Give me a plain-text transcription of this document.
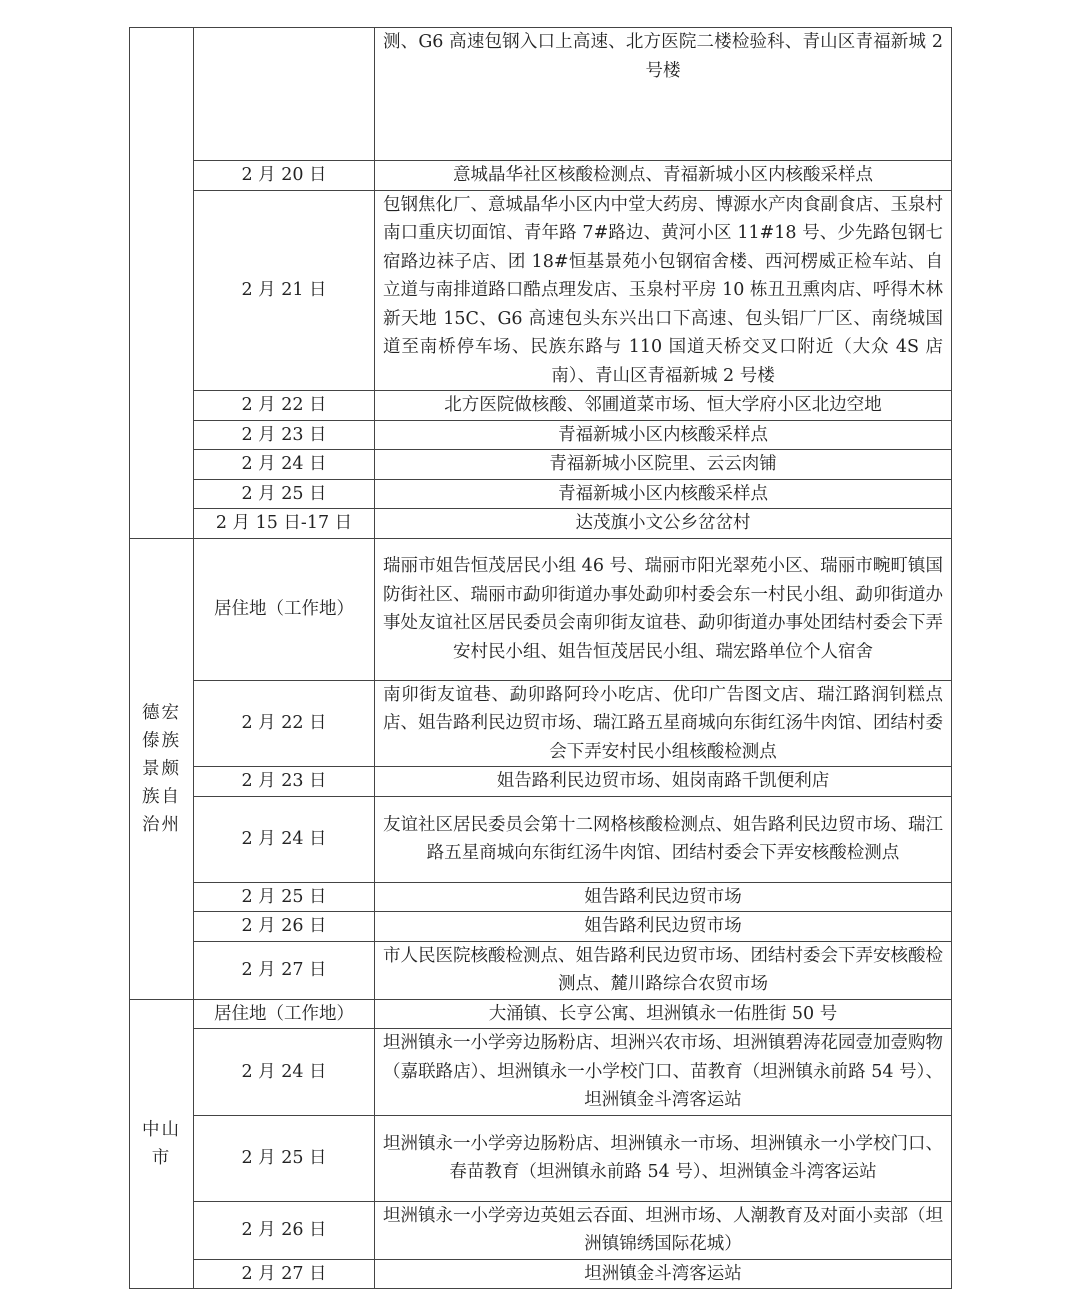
		测、G6 高速包钢入口上高速、北方医院二楼检验科、青山区青福新城 2 号楼
	2 月 20 日	意城晶华社区核酸检测点、青福新城小区内核酸采样点
	2 月 21 日	包钢焦化厂、意城晶华小区内中堂大药房、博源水产肉食副食店、玉泉村南口重庆切面馆、青年路 7#路边、黄河小区 11#18 号、少先路包钢七宿路边袜子店、团 18#恒基景苑小包钢宿舍楼、西河楞威正检车站、自立道与南排道路口酷点理发店、玉泉村平房 10 栋丑丑熏肉店、呼得木林新天地 15C、G6 高速包头东兴出口下高速、包头铝厂厂区、南绕城国道至南桥停车场、民族东路与 110 国道天桥交叉口附近（大众 4S 店南）、青山区青福新城 2 号楼
	2 月 22 日	北方医院做核酸、邻圃道菜市场、恒大学府小区北边空地
	2 月 23 日	青福新城小区内核酸采样点
	2 月 24 日	青福新城小区院里、云云肉铺
	2 月 25 日	青福新城小区内核酸采样点
	2 月 15 日-17 日	达茂旗小文公乡岔岔村

德宏傣族景颇族自治州	居住地（工作地）	瑞丽市姐告恒茂居民小组 46 号、瑞丽市阳光翠苑小区、瑞丽市畹町镇国防街社区、瑞丽市勐卯街道办事处勐卯村委会东一村民小组、勐卯街道办事处友谊社区居民委员会南卯街友谊巷、勐卯街道办事处团结村委会下弄安村民小组、姐告恒茂居民小组、瑞宏路单位个人宿舍
	2 月 22 日	南卯街友谊巷、勐卯路阿玲小吃店、优印广告图文店、瑞江路润钊糕点店、姐告路利民边贸市场、瑞江路五星商城向东街红汤牛肉馆、团结村委会下弄安村民小组核酸检测点
	2 月 23 日	姐告路利民边贸市场、姐岗南路千凯便利店
	2 月 24 日	友谊社区居民委员会第十二网格核酸检测点、姐告路利民边贸市场、瑞江路五星商城向东街红汤牛肉馆、团结村委会下弄安核酸检测点
	2 月 25 日	姐告路利民边贸市场
	2 月 26 日	姐告路利民边贸市场
	2 月 27 日	市人民医院核酸检测点、姐告路利民边贸市场、团结村委会下弄安核酸检测点、麓川路综合农贸市场

中山市	居住地（工作地）	大涌镇、长亨公寓、坦洲镇永一佑胜街 50 号
	2 月 24 日	坦洲镇永一小学旁边肠粉店、坦洲兴农市场、坦洲镇碧涛花园壹加壹购物（嘉联路店）、坦洲镇永一小学校门口、苗教育（坦洲镇永前路 54 号）、坦洲镇金斗湾客运站
	2 月 25 日	坦洲镇永一小学旁边肠粉店、坦洲镇永一市场、坦洲镇永一小学校门口、春苗教育（坦洲镇永前路 54 号）、坦洲镇金斗湾客运站
	2 月 26 日	坦洲镇永一小学旁边英姐云吞面、坦洲市场、人潮教育及对面小卖部（坦洲镇锦绣国际花城）
	2 月 27 日	坦洲镇金斗湾客运站
